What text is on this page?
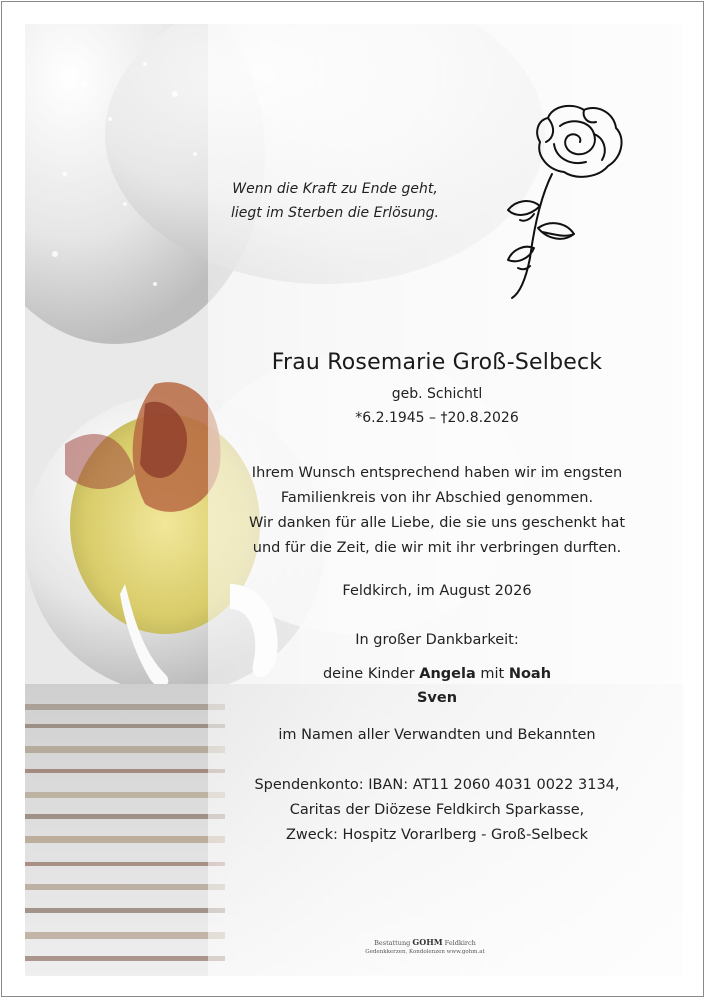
Wenn die Kraft zu Ende geht,
liegt im Sterben die Erlösung.
Frau Rosemarie Groß-Selbeck
geb. Schichtl
*6.2.1945 – †20.8.2026
Ihrem Wunsch entsprechend haben wir im engsten
Familienkreis von ihr Abschied genommen.
Wir danken für alle Liebe, die sie uns geschenkt hat
und für die Zeit, die wir mit ihr verbringen durften.
Feldkirch, im August 2026
In großer Dankbarkeit:
deine Kinder Angela mit Noah
Sven
im Namen aller Verwandten und Bekannten
Spendenkonto: IBAN: AT11 2060 4031 0022 3134,
Caritas der Diözese Feldkirch Sparkasse,
Zweck: Hospitz Vorarlberg - Groß-Selbeck
Bestattung GOHM Feldkirch
Gedenkkerzen, Kondolenzen www.gohm.at
